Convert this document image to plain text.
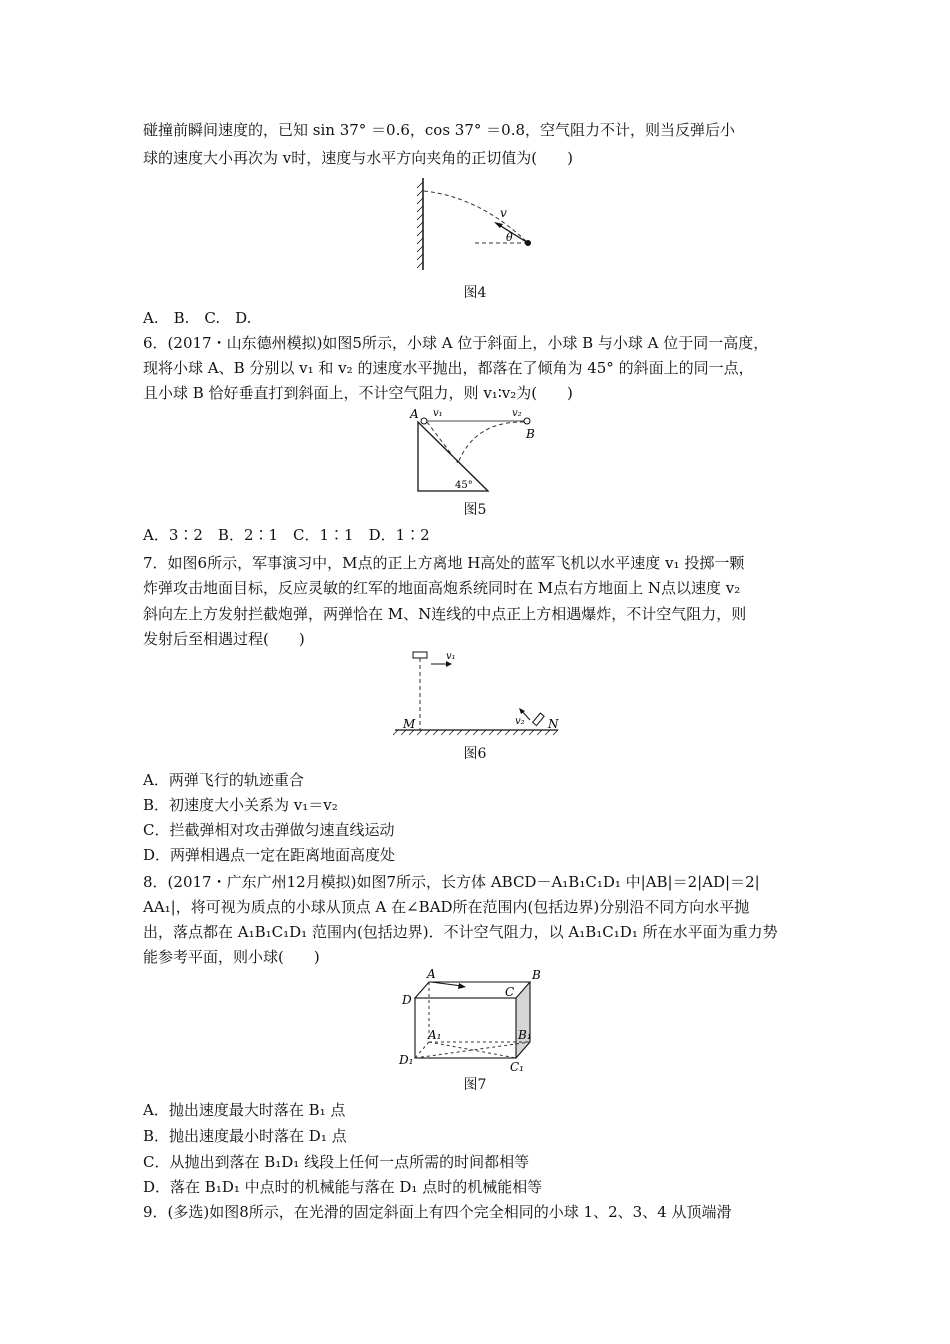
碰撞前瞬间速度的，已知 sin 37° ＝0.6，cos 37° ＝0.8，空气阻力不计，则当反弹后小
球的速度大小再次为 v时，速度与水平方向夹角的正切值为(　　)
v
θ
图4
A.　B.　C.　D.
6．(2017・山东德州模拟)如图5所示，小球 A 位于斜面上，小球 B 与小球 A 位于同一高度，
现将小球 A、B 分别以 v₁ 和 v₂ 的速度水平抛出，都落在了倾角为 45° 的斜面上的同一点，
且小球 B 恰好垂直打到斜面上，不计空气阻力，则 v₁∶v₂为(　　)
A v₁	v₂
B
45°
图5
A．3∶2　B．2∶1　C．1∶1　D．1∶2
7．如图6所示，军事演习中，M点的正上方离地 H高处的蓝军飞机以水平速度 v₁ 投掷一颗
炸弹攻击地面目标，反应灵敏的红军的地面高炮系统同时在 M点右方地面上 N点以速度 v₂
斜向左上方发射拦截炮弹，两弹恰在 M、N连线的中点正上方相遇爆炸，不计空气阻力，则
发射后至相遇过程(　　)
v₁
v₂
M	N
图6
A．两弹飞行的轨迹重合
B．初速度大小关系为 v₁＝v₂
C．拦截弹相对攻击弹做匀速直线运动
D．两弹相遇点一定在距离地面高度处
8．(2017・广东广州12月模拟)如图7所示，长方体 ABCD－A₁B₁C₁D₁ 中|AB|＝2|AD|＝2|
AA₁|，将可视为质点的小球从顶点 A 在∠BAD所在范围内(包括边界)分别沿不同方向水平抛
出，落点都在 A₁B₁C₁D₁ 范围内(包括边界)．不计空气阻力，以 A₁B₁C₁D₁ 所在水平面为重力势
能参考平面，则小球(　　)
A	B
C
D
A₁	B₁
C₁
D₁
图7
A．抛出速度最大时落在 B₁ 点
B．抛出速度最小时落在 D₁ 点
C．从抛出到落在 B₁D₁ 线段上任何一点所需的时间都相等
D．落在 B₁D₁ 中点时的机械能与落在 D₁ 点时的机械能相等
9．(多选)如图8所示，在光滑的固定斜面上有四个完全相同的小球 1、2、3、4 从顶端滑
